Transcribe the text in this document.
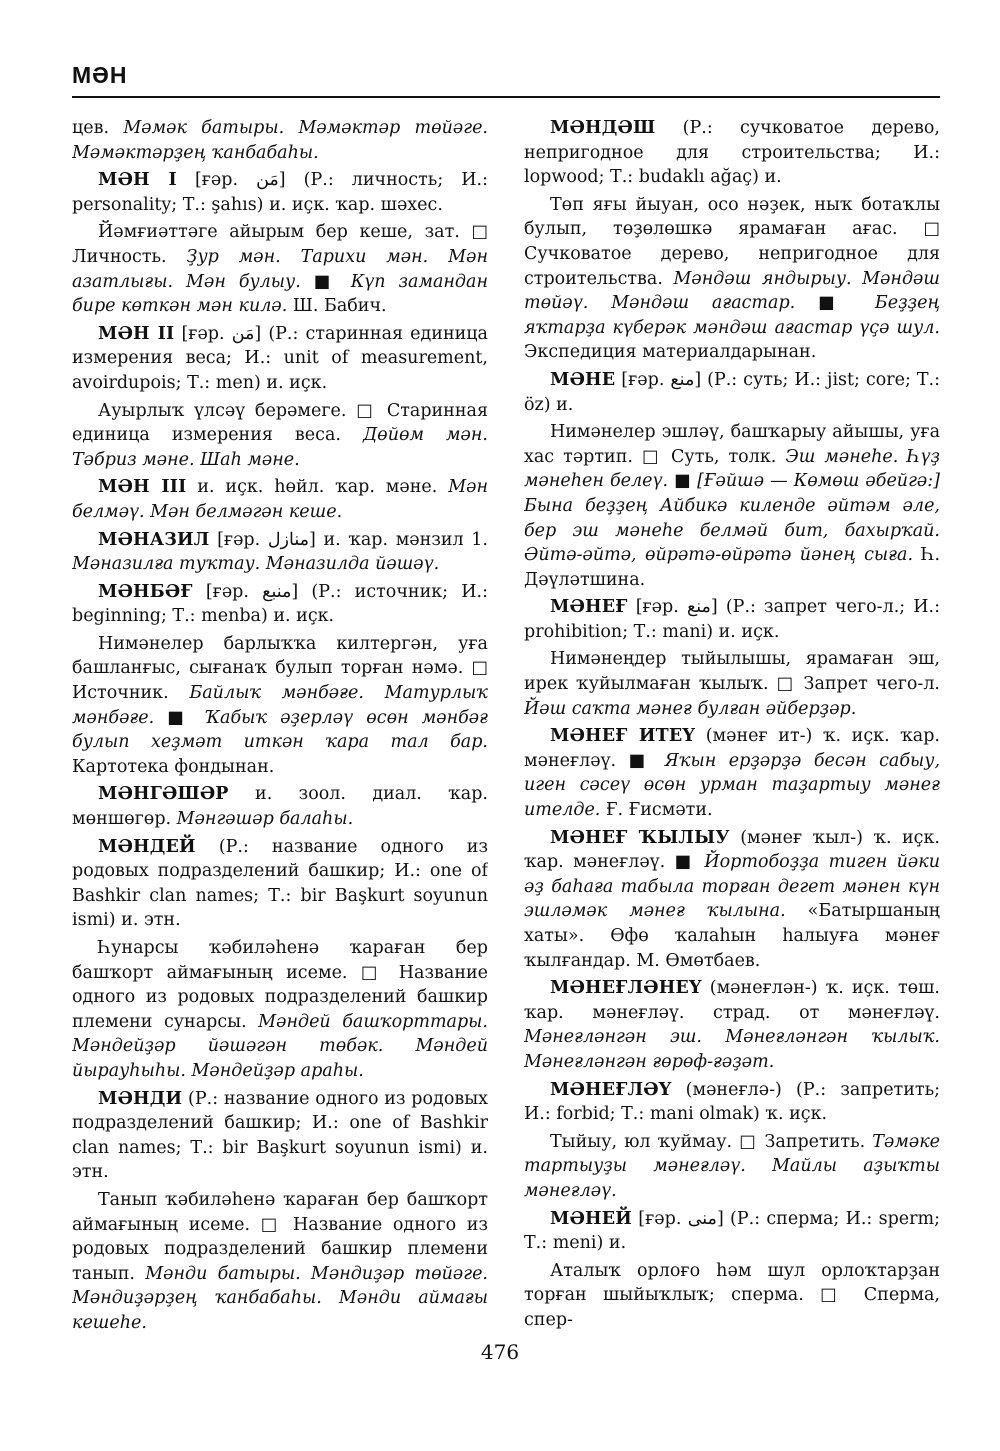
МӘН

цев. Мәмәк батыры. Мәмәктәр төйәге. Мәмәктәрҙең ҡанбабаһы.

МӘН I [ғәр. مَن] (Р.: личность; И.: personality; Т.: şahıs) и. иҫк. ҡар. шәхес.

Йәмғиәттәге айырым бер кеше, зат. □ Личность. Ҙур мән. Тарихи мән. Мән азатлығы. Мән булыу. ■ Күп замандан бире көткән мән килә. Ш. Бабич.

МӘН II [ғәр. مَن] (Р.: старинная единица измерения веса; И.: unit of measurement, avoirdupois; Т.: men) и. иҫк.

Ауырлыҡ үлсәү берәмеге. □ Старинная единица измерения веса. Дөйөм мән. Тәбриз мәне. Шаһ мәне.

МӘН III и. иҫк. һөйл. ҡар. мәне. Мән белмәү. Мән белмәгән кеше.

МӘНАЗИЛ [ғәр. منازل] и. ҡар. мәнзил 1. Мәназилға туҡтау. Мәназилда йәшәү.

МӘНБӘҒ [ғәр. منبع] (Р.: источник; И.: beginning; Т.: menba) и. иҫк.

Нимәнелер барлыҡҡа килтергән, уға башланғыс, сығанаҡ булып торған нәмә. □ Источник. Байлыҡ мәнбәғе. Матурлыҡ мәнбәғе. ■ Ҡабыҡ әҙерләү өсөн мәнбәғ булып хеҙмәт иткән ҡара тал бар. Картотека фондынан.

МӘНГӘШӘР и. зоол. диал. ҡар. мөншөгөр. Мәнгәшәр балаһы.

МӘНДЕЙ (Р.: название одного из родовых подразделений башкир; И.: one of Bashkir clan names; Т.: bir Başkurt soyunun ismi) и. этн.

Һунарсы ҡәбиләһенә ҡараған бер башҡорт аймағының исеме. □ Название одного из родовых подразделений башкир племени сунарсы. Мәндей башҡорттары. Мәндейҙәр йәшәгән төбәк. Мәндей йырауһыһы. Мәндейҙәр араһы.

МӘНДИ (Р.: название одного из родовых подразделений башкир; И.: one of Bashkir clan names; Т.: bir Başkurt soyunun ismi) и. этн.

Танып ҡәбиләһенә ҡараған бер башҡорт аймағының исеме. □ Название одного из родовых подразделений башкир племени танып. Мәнди батыры. Мәндиҙәр төйәге. Мәндиҙәрҙең ҡанбабаһы. Мәнди аймағы кешеһе.

МӘНДӘШ (Р.: сучковатое дерево, непригодное для строительства; И.: lopwood; Т.: budaklı ağaç) и.

Төп яғы йыуан, осо нәҙек, ныҡ ботаҡлы булып, төҙөлөшкә ярамаған ағас. □ Сучковатое дерево, непригодное для строительства. Мәндәш яндырыу. Мәндәш төйәү. Мәндәш ағастар. ■ Беҙҙең яҡтарҙа күберәк мәндәш ағастар үҫә шул. Экспедиция материалдарынан.

МӘНЕ [ғәр. منع] (Р.: суть; И.: jist; core; Т.: öz) и.

Нимәнелер эшләү, башҡарыу айышы, уға хас тәртип. □ Суть, толк. Эш мәнеһе. Һүҙ мәнеһен белеү. ■ [Ғәйшә — Көмөш әбейгә:] Бына беҙҙең Айбикә киленде әйтәм әле, бер эш мәнеһе белмәй бит, бахырҡай. Әйтә-әйтә, өйрәтә-өйрәтә йәнең сыға. Һ. Дәүләтшина.

МӘНЕҒ [ғәр. منع] (Р.: запрет чего-л.; И.: prohibition; Т.: mani) и. иҫк.

Нимәнеңдер тыйылышы, ярамаған эш, ирек ҡуйылмаған ҡылыҡ. □ Запрет чего-л. Йәш саҡта мәнеғ булған әйберҙәр.

МӘНЕҒ ИТЕҮ (мәнеғ ит-) ҡ. иҫк. ҡар. мәнеғләү. ■ Яҡын ерҙәрҙә бесән сабыу, иген сәсеү өсөн урман таҙартыу мәнеғ ителде. Ғ. Ғисмәти.

МӘНЕҒ ҠЫЛЫУ (мәнеғ ҡыл-) ҡ. иҫк. ҡар. мәнеғләү. ■ Йортобоҙҙа тиген йәки әҙ баһаға табыла торған дегет мәнен күн эшләмәк мәнеғ ҡылына. «Батыршаның хаты». Өфө ҡалаһын һалыуға мәнеғ ҡылғандар. М. Өмөтбаев.

МӘНЕҒЛӘНЕҮ (мәнеғлән-) ҡ. иҫк. төш. ҡар. мәнеғләү. страд. от мәнеғләү. Мәнеғләнгән эш. Мәнеғләнгән ҡылыҡ. Мәнеғләнгән ғөрөф-ғәҙәт.

МӘНЕҒЛӘҮ (мәнеғлә-) (Р.: запретить; И.: forbid; Т.: mani olmak) ҡ. иҫк.

Тыйыу, юл ҡуймау. □ Запретить. Тәмәке тартыуҙы мәнеғләү. Майлы аҙыҡты мәнеғләү.

МӘНЕЙ [ғәр. منى] (Р.: сперма; И.: sperm; Т.: meni) и.

Аталыҡ орлоғо һәм шул орлоҡтарҙан торған шыйыҡлыҡ; сперма. □ Сперма, спер-

476
